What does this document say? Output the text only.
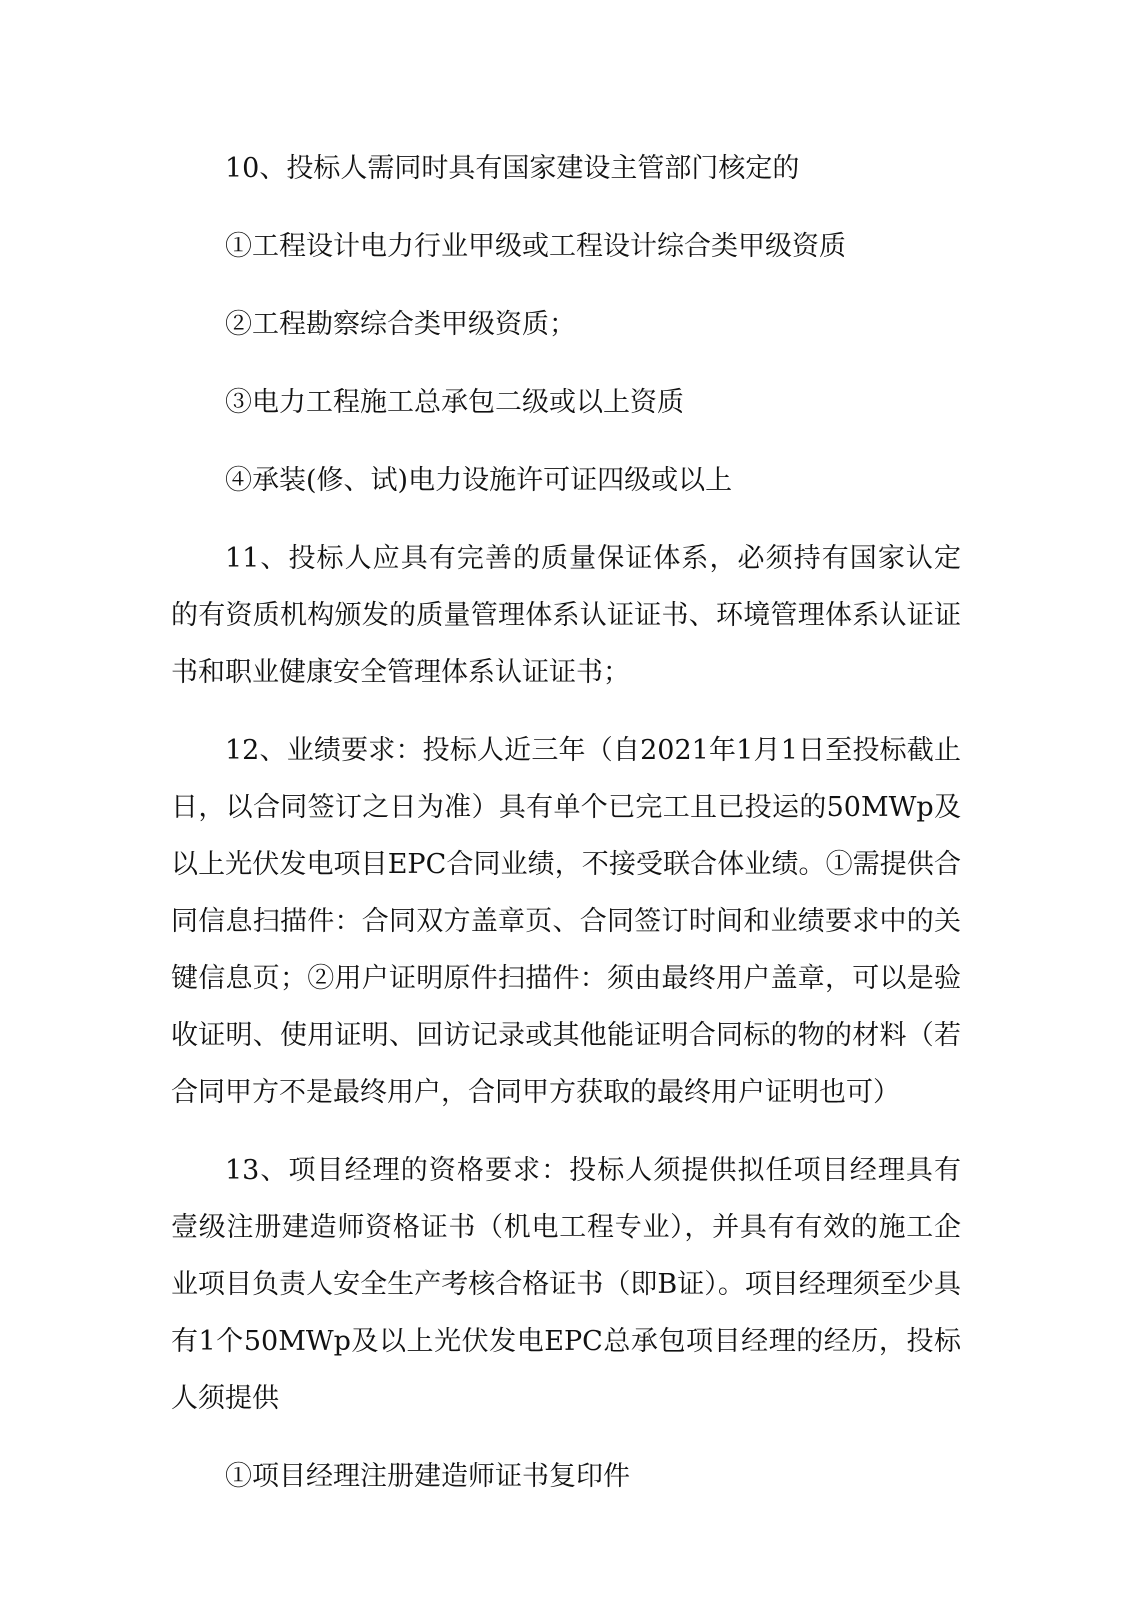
10、投标人需同时具有国家建设主管部门核定的

①工程设计电力行业甲级或工程设计综合类甲级资质

②工程勘察综合类甲级资质；

③电力工程施工总承包二级或以上资质

④承装(修、试)电力设施许可证四级或以上

11、投标人应具有完善的质量保证体系，必须持有国家认定的有资质机构颁发的质量管理体系认证证书、环境管理体系认证证书和职业健康安全管理体系认证证书；

12、业绩要求：投标人近三年（自2021年1月1日至投标截止日，以合同签订之日为准）具有单个已完工且已投运的50MWp及以上光伏发电项目EPC合同业绩，不接受联合体业绩。①需提供合同信息扫描件：合同双方盖章页、合同签订时间和业绩要求中的关键信息页；②用户证明原件扫描件：须由最终用户盖章，可以是验收证明、使用证明、回访记录或其他能证明合同标的物的材料（若合同甲方不是最终用户，合同甲方获取的最终用户证明也可）

13、项目经理的资格要求：投标人须提供拟任项目经理具有壹级注册建造师资格证书（机电工程专业），并具有有效的施工企业项目负责人安全生产考核合格证书（即B证）。项目经理须至少具有1个50MWp及以上光伏发电EPC总承包项目经理的经历，投标人须提供

①项目经理注册建造师证书复印件
